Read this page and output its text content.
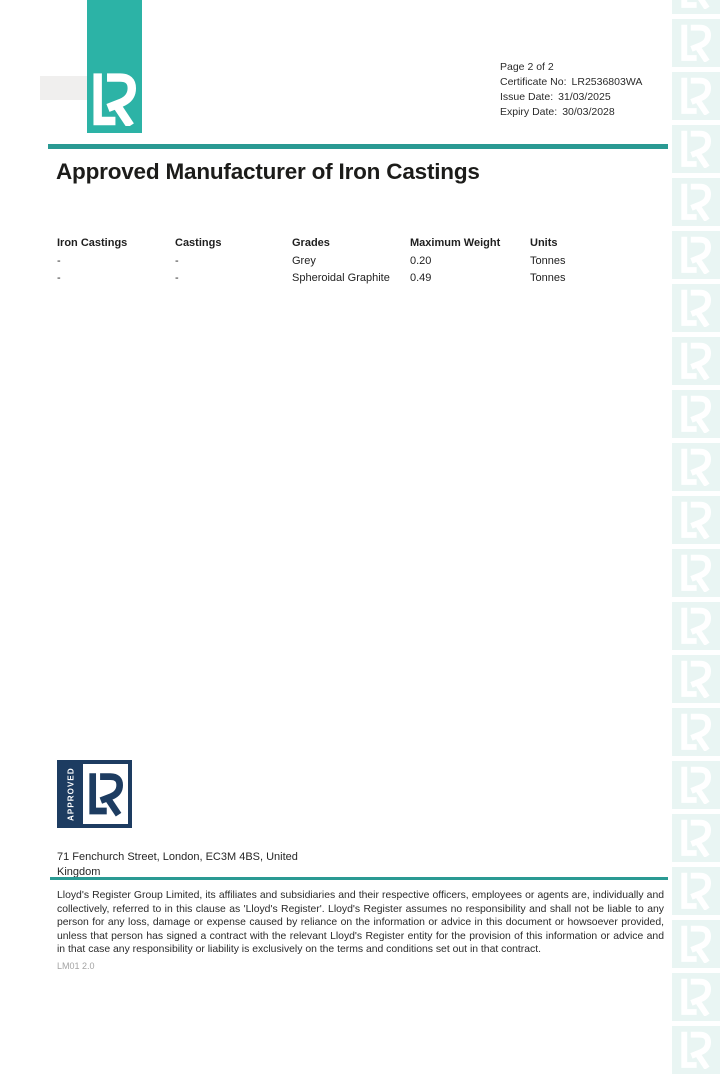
Page 2 of 2
Certificate No: LR2536803WA
Issue Date: 31/03/2025
Expiry Date: 30/03/2028
Approved Manufacturer of Iron Castings
Iron Castings	Castings	Grades	Maximum Weight	Units
-	-	Grey	0.20	Tonnes
-	-	Spheroidal Graphite	0.49	Tonnes
APPROVED
71 Fenchurch Street, London, EC3M 4BS, United
Kingdom

Lloyd's Register Group Limited, its affiliates and subsidiaries and their respective officers, employees or agents are, individually and collectively, referred to in this clause as 'Lloyd's Register'. Lloyd's Register assumes no responsibility and shall not be liable to any person for any loss, damage or expense caused by reliance on the information or advice in this document or howsoever provided, unless that person has signed a contract with the relevant Lloyd's Register entity for the provision of this information or advice and in that case any responsibility or liability is exclusively on the terms and conditions set out in that contract.

LM01 2.0
